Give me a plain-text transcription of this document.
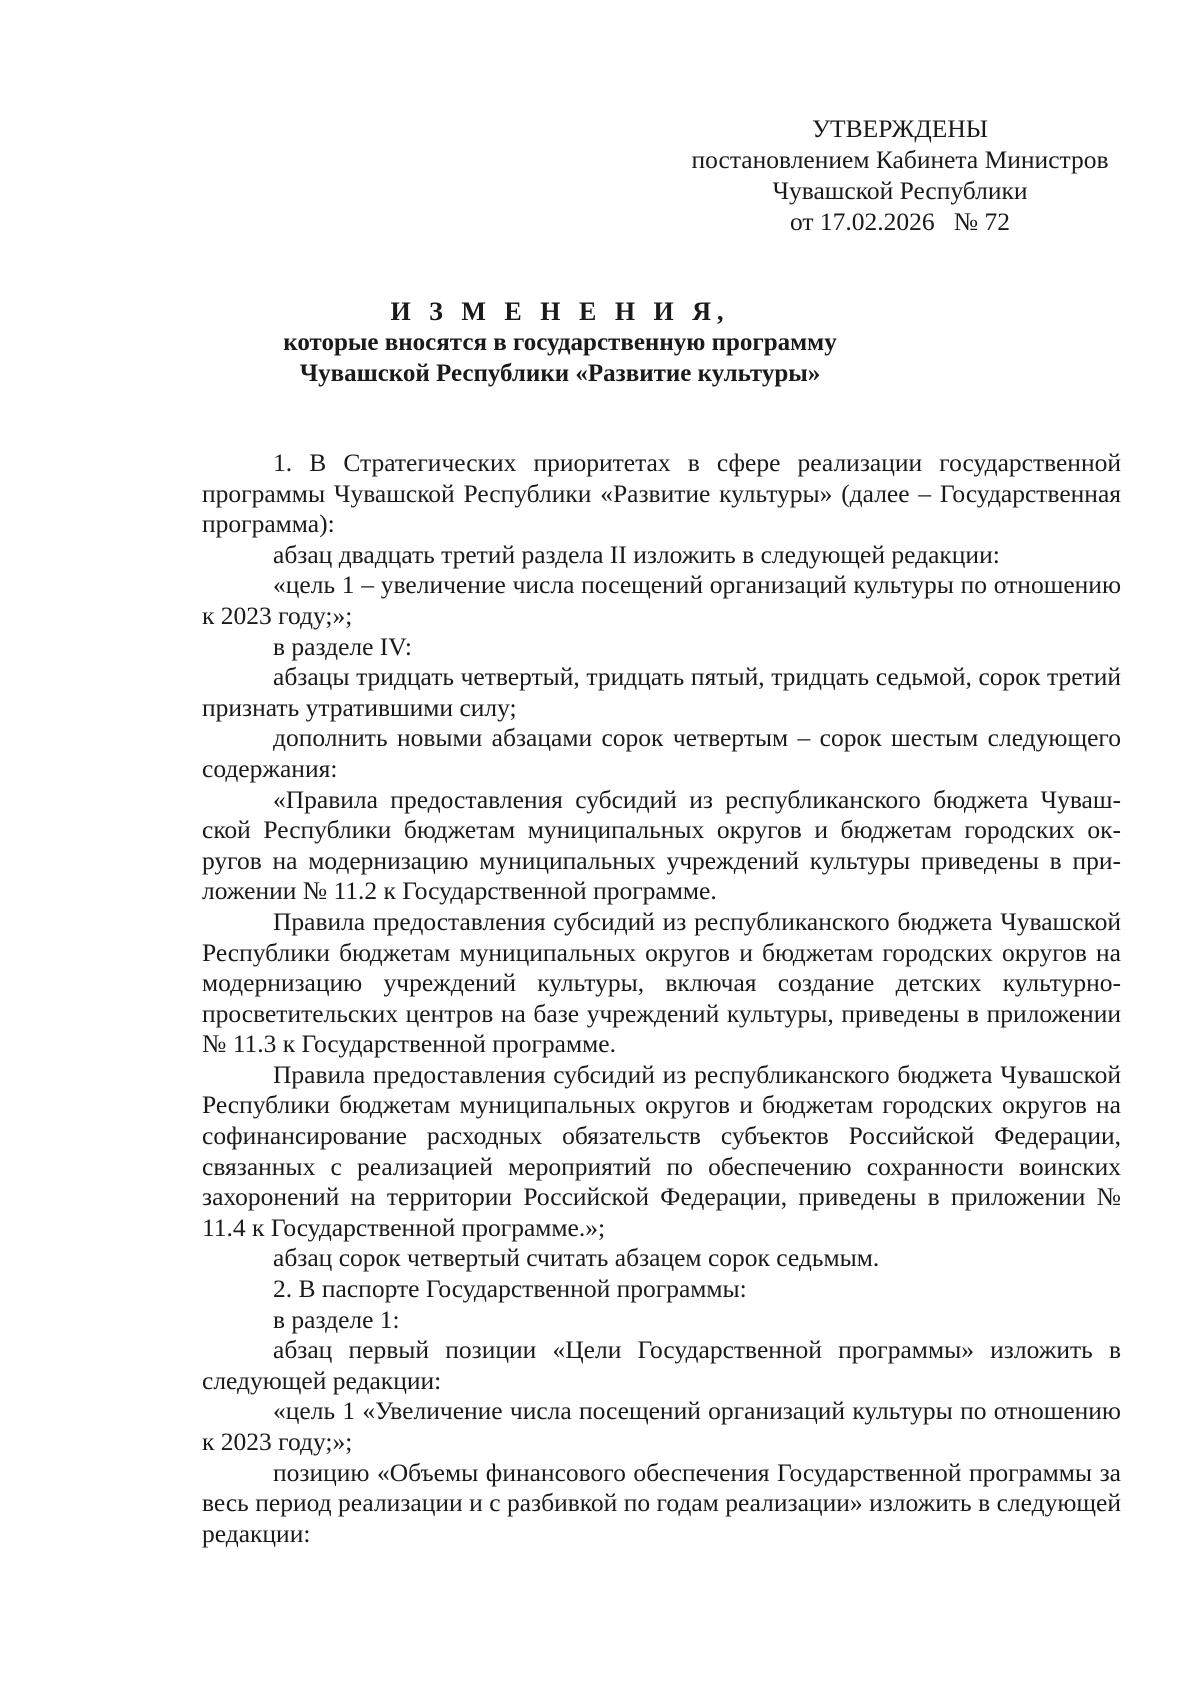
УТВЕРЖДЕНЫ
постановлением Кабинета Министров
Чувашской Республики
от 17.02.2026   № 72
И З М Е Н Е Н И Я,
которые вносятся в государственную программу
Чувашской Республики «Развитие культуры»

1. В Стратегических приоритетах в сфере реализации государственной программы Чувашской Республики «Развитие культуры» (далее – Государственная программа):

абзац двадцать третий раздела II изложить в следующей редакции:

«цель 1 – увеличение числа посещений организаций культуры по отношению к 2023 году;»;

в разделе IV:

абзацы тридцать четвертый, тридцать пятый, тридцать седьмой, сорок третий признать утратившими силу;

дополнить новыми абзацами сорок четвертым – сорок шестым следующего содержания:

«Правила предоставления субсидий из республиканского бюджета Чувашской Республики бюджетам муниципальных округов и бюджетам городских округов на модернизацию муниципальных учреждений культуры приведены в приложении № 11.2 к Государственной программе.

Правила предоставления субсидий из республиканского бюджета Чувашской Республики бюджетам муниципальных округов и бюджетам городских округов на модернизацию учреждений культуры, включая создание детских культурно-просветительских центров на базе учреждений культуры, приведены в приложении № 11.3 к Государственной программе.

Правила предоставления субсидий из республиканского бюджета Чувашской Республики бюджетам муниципальных округов и бюджетам городских округов на софинансирование расходных обязательств субъектов Российской Федерации, связанных с реализацией мероприятий по обеспечению сохранности воинских захоронений на территории Российской Федерации, приведены в приложении № 11.4 к Государственной программе.»;

абзац сорок четвертый считать абзацем сорок седьмым.

2. В паспорте Государственной программы:

в разделе 1:

абзац первый позиции «Цели Государственной программы» изложить в следующей редакции:

«цель 1 «Увеличение числа посещений организаций культуры по отношению к 2023 году;»;

позицию «Объемы финансового обеспечения Государственной программы за весь период реализации и с разбивкой по годам реализации» изложить в следующей редакции:
